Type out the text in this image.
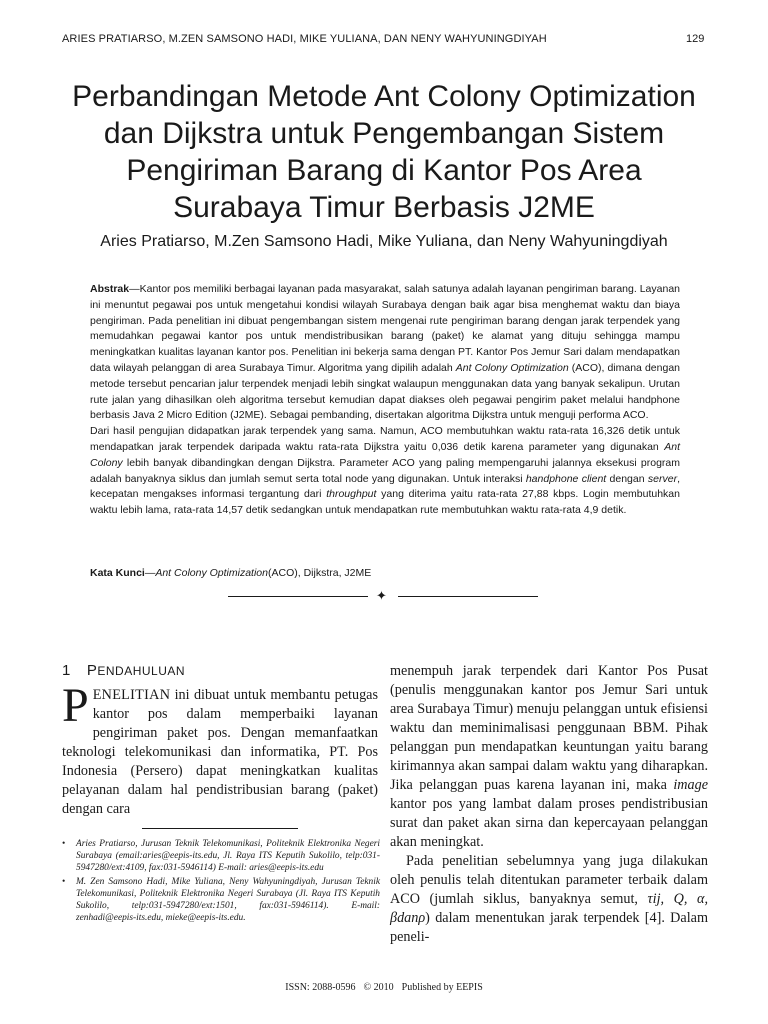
ARIES PRATIARSO, M.ZEN SAMSONO HADI, MIKE YULIANA, DAN NENY WAHYUNINGDIYAH	129
Perbandingan Metode Ant Colony Optimization
dan Dijkstra untuk Pengembangan Sistem
Pengiriman Barang di Kantor Pos Area
Surabaya Timur Berbasis J2ME
Aries Pratiarso, M.Zen Samsono Hadi, Mike Yuliana, dan Neny Wahyuningdiyah

Abstrak—Kantor pos memiliki berbagai layanan pada masyarakat, salah satunya adalah layanan pengiriman barang. Layanan ini menuntut pegawai pos untuk mengetahui kondisi wilayah Surabaya dengan baik agar bisa menghemat waktu dan biaya pengiriman. Pada penelitian ini dibuat pengembangan sistem mengenai rute pengiriman barang dengan jarak terpendek yang memudahkan pegawai kantor pos untuk mendistribusikan barang (paket) ke alamat yang dituju sehingga mampu meningkatkan kualitas layanan kantor pos. Penelitian ini bekerja sama dengan PT. Kantor Pos Jemur Sari dalam mendapatkan data wilayah pelanggan di area Surabaya Timur. Algoritma yang dipilih adalah Ant Colony Optimization (ACO), dimana dengan metode tersebut pencarian jalur terpendek menjadi lebih singkat walaupun menggunakan data yang banyak sekalipun. Urutan rute jalan yang dihasilkan oleh algoritma tersebut kemudian dapat diakses oleh pegawai pengirim paket melalui handphone berbasis Java 2 Micro Edition (J2ME). Sebagai pembanding, disertakan algoritma Dijkstra untuk menguji performa ACO.

Dari hasil pengujian didapatkan jarak terpendek yang sama. Namun, ACO membutuhkan waktu rata-rata 16,326 detik untuk mendapatkan jarak terpendek daripada waktu rata-rata Dijkstra yaitu 0,036 detik karena parameter yang digunakan Ant Colony lebih banyak dibandingkan dengan Dijkstra. Parameter ACO yang paling mempengaruhi jalannya eksekusi program adalah banyaknya siklus dan jumlah semut serta total node yang digunakan. Untuk interaksi handphone client dengan server, kecepatan mengakses informasi tergantung dari throughput yang diterima yaitu rata-rata 27,88 kbps. Login membutuhkan waktu lebih lama, rata-rata 14,57 detik sedangkan untuk mendapatkan rute membutuhkan waktu rata-rata 4,9 detik.

Kata Kunci—Ant Colony Optimization(ACO), Dijkstra, J2ME
✦
1 PENDAHULUAN
PENELITIAN ini dibuat untuk membantu petugas kantor pos dalam memperbaiki layanan pengiriman paket pos. Dengan memanfaatkan teknologi telekomunikasi dan informatika, PT. Pos Indonesia (Persero) dapat meningkatkan kualitas pelayanan dalam hal pendistribusian barang (paket) dengan cara
• Aries Pratiarso, Jurusan Teknik Telekomunikasi, Politeknik Elektronika Negeri Surabaya (email:aries@eepis-its.edu, Jl. Raya ITS Keputih Sukolilo, telp:031-5947280/ext:4109, fax:031-5946114) E-mail: aries@eepis-its.edu
• M. Zen Samsono Hadi, Mike Yuliana, Neny Wahyuningdiyah, Jurusan Teknik Telekomunikasi, Politeknik Elektronika Negeri Surabaya (Jl. Raya ITS Keputih Sukolilo, telp:031-5947280/ext:1501, fax:031-5946114). E-mail: zenhadi@eepis-its.edu, mieke@eepis-its.edu.

menempuh jarak terpendek dari Kantor Pos Pusat (penulis menggunakan kantor pos Jemur Sari untuk area Surabaya Timur) menuju pelanggan untuk efisiensi waktu dan meminimalisasi penggunaan BBM. Pihak pelanggan pun mendapatkan keuntungan yaitu barang kirimannya akan sampai dalam waktu yang diharapkan. Jika pelanggan puas karena layanan ini, maka image kantor pos yang lambat dalam proses pendistribusian surat dan paket akan sirna dan kepercayaan pelanggan akan meningkat.

Pada penelitian sebelumnya yang juga dilakukan oleh penulis telah ditentukan parameter terbaik dalam ACO (jumlah siklus, banyaknya semut, τij, Q, α, βdanρ) dalam menentukan jarak terpendek [4]. Dalam peneli-

ISSN: 2088-0596 © 2010 Published by EEPIS
